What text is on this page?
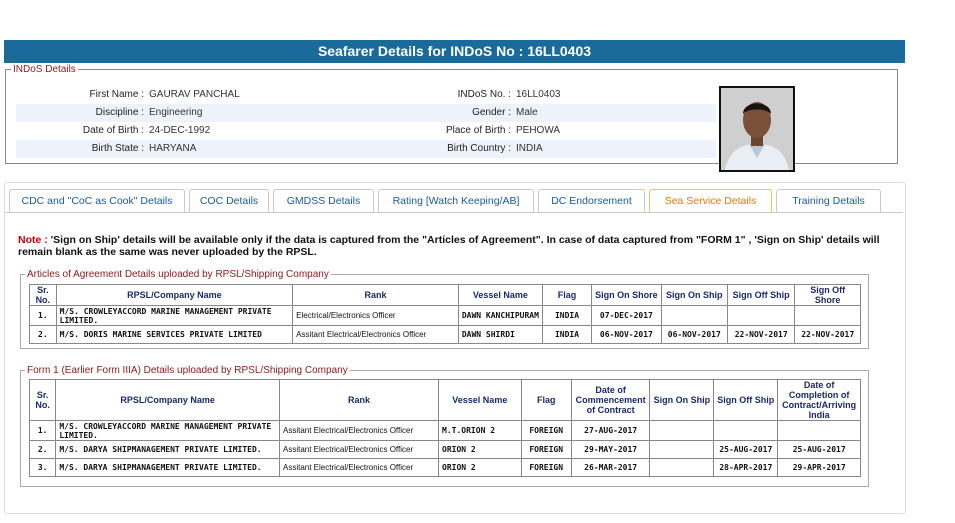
Seafarer Details for INDoS No : 16LL0403
INDoS Details
First Name : GAURAV PANCHAL	INDoS No. : 16LL0403
Discipline : Engineering	Gender : Male
Date of Birth : 24-DEC-1992	Place of Birth : PEHOWA
Birth State : HARYANA	Birth Country : INDIA
CDC and "CoC as Cook" Details	COC Details	GMDSS Details	Rating [Watch Keeping/AB]	DC Endorsement	Sea Service Details	Training Details
Note : 'Sign on Ship' details will be available only if the data is captured from the "Articles of Agreement". In case of data captured from "FORM 1" , 'Sign on Ship' details will remain blank as the same was never uploaded by the RPSL.
Articles of Agreement Details uploaded by RPSL/Shipping Company
Sr. No.	RPSL/Company Name	Rank	Vessel Name	Flag	Sign On Shore	Sign On Ship	Sign Off Ship	Sign Off Shore
1.	M/S. CROWLEYACCORD MARINE MANAGEMENT PRIVATE LIMITED.	Electrical/Electronics Officer	DAWN KANCHIPURAM	INDIA	07-DEC-2017			
2.	M/S. DORIS MARINE SERVICES PRIVATE LIMITED	Assitant Electrical/Electronics Officer	DAWN SHIRDI	INDIA	06-NOV-2017	06-NOV-2017	22-NOV-2017	22-NOV-2017
Form 1 (Earlier Form IIIA) Details uploaded by RPSL/Shipping Company
Sr. No.	RPSL/Company Name	Rank	Vessel Name	Flag	Date of Commencement of Contract	Sign On Ship	Sign Off Ship	Date of Completion of Contract/Arriving India
1.	M/S. CROWLEYACCORD MARINE MANAGEMENT PRIVATE LIMITED.	Assitant Electrical/Electronics Officer	M.T.ORION 2	FOREIGN	27-AUG-2017			
2.	M/S. DARYA SHIPMANAGEMENT PRIVATE LIMITED.	Assitant Electrical/Electronics Officer	ORION 2	FOREIGN	29-MAY-2017		25-AUG-2017	25-AUG-2017
3.	M/S. DARYA SHIPMANAGEMENT PRIVATE LIMITED.	Assitant Electrical/Electronics Officer	ORION 2	FOREIGN	26-MAR-2017		28-APR-2017	29-APR-2017
